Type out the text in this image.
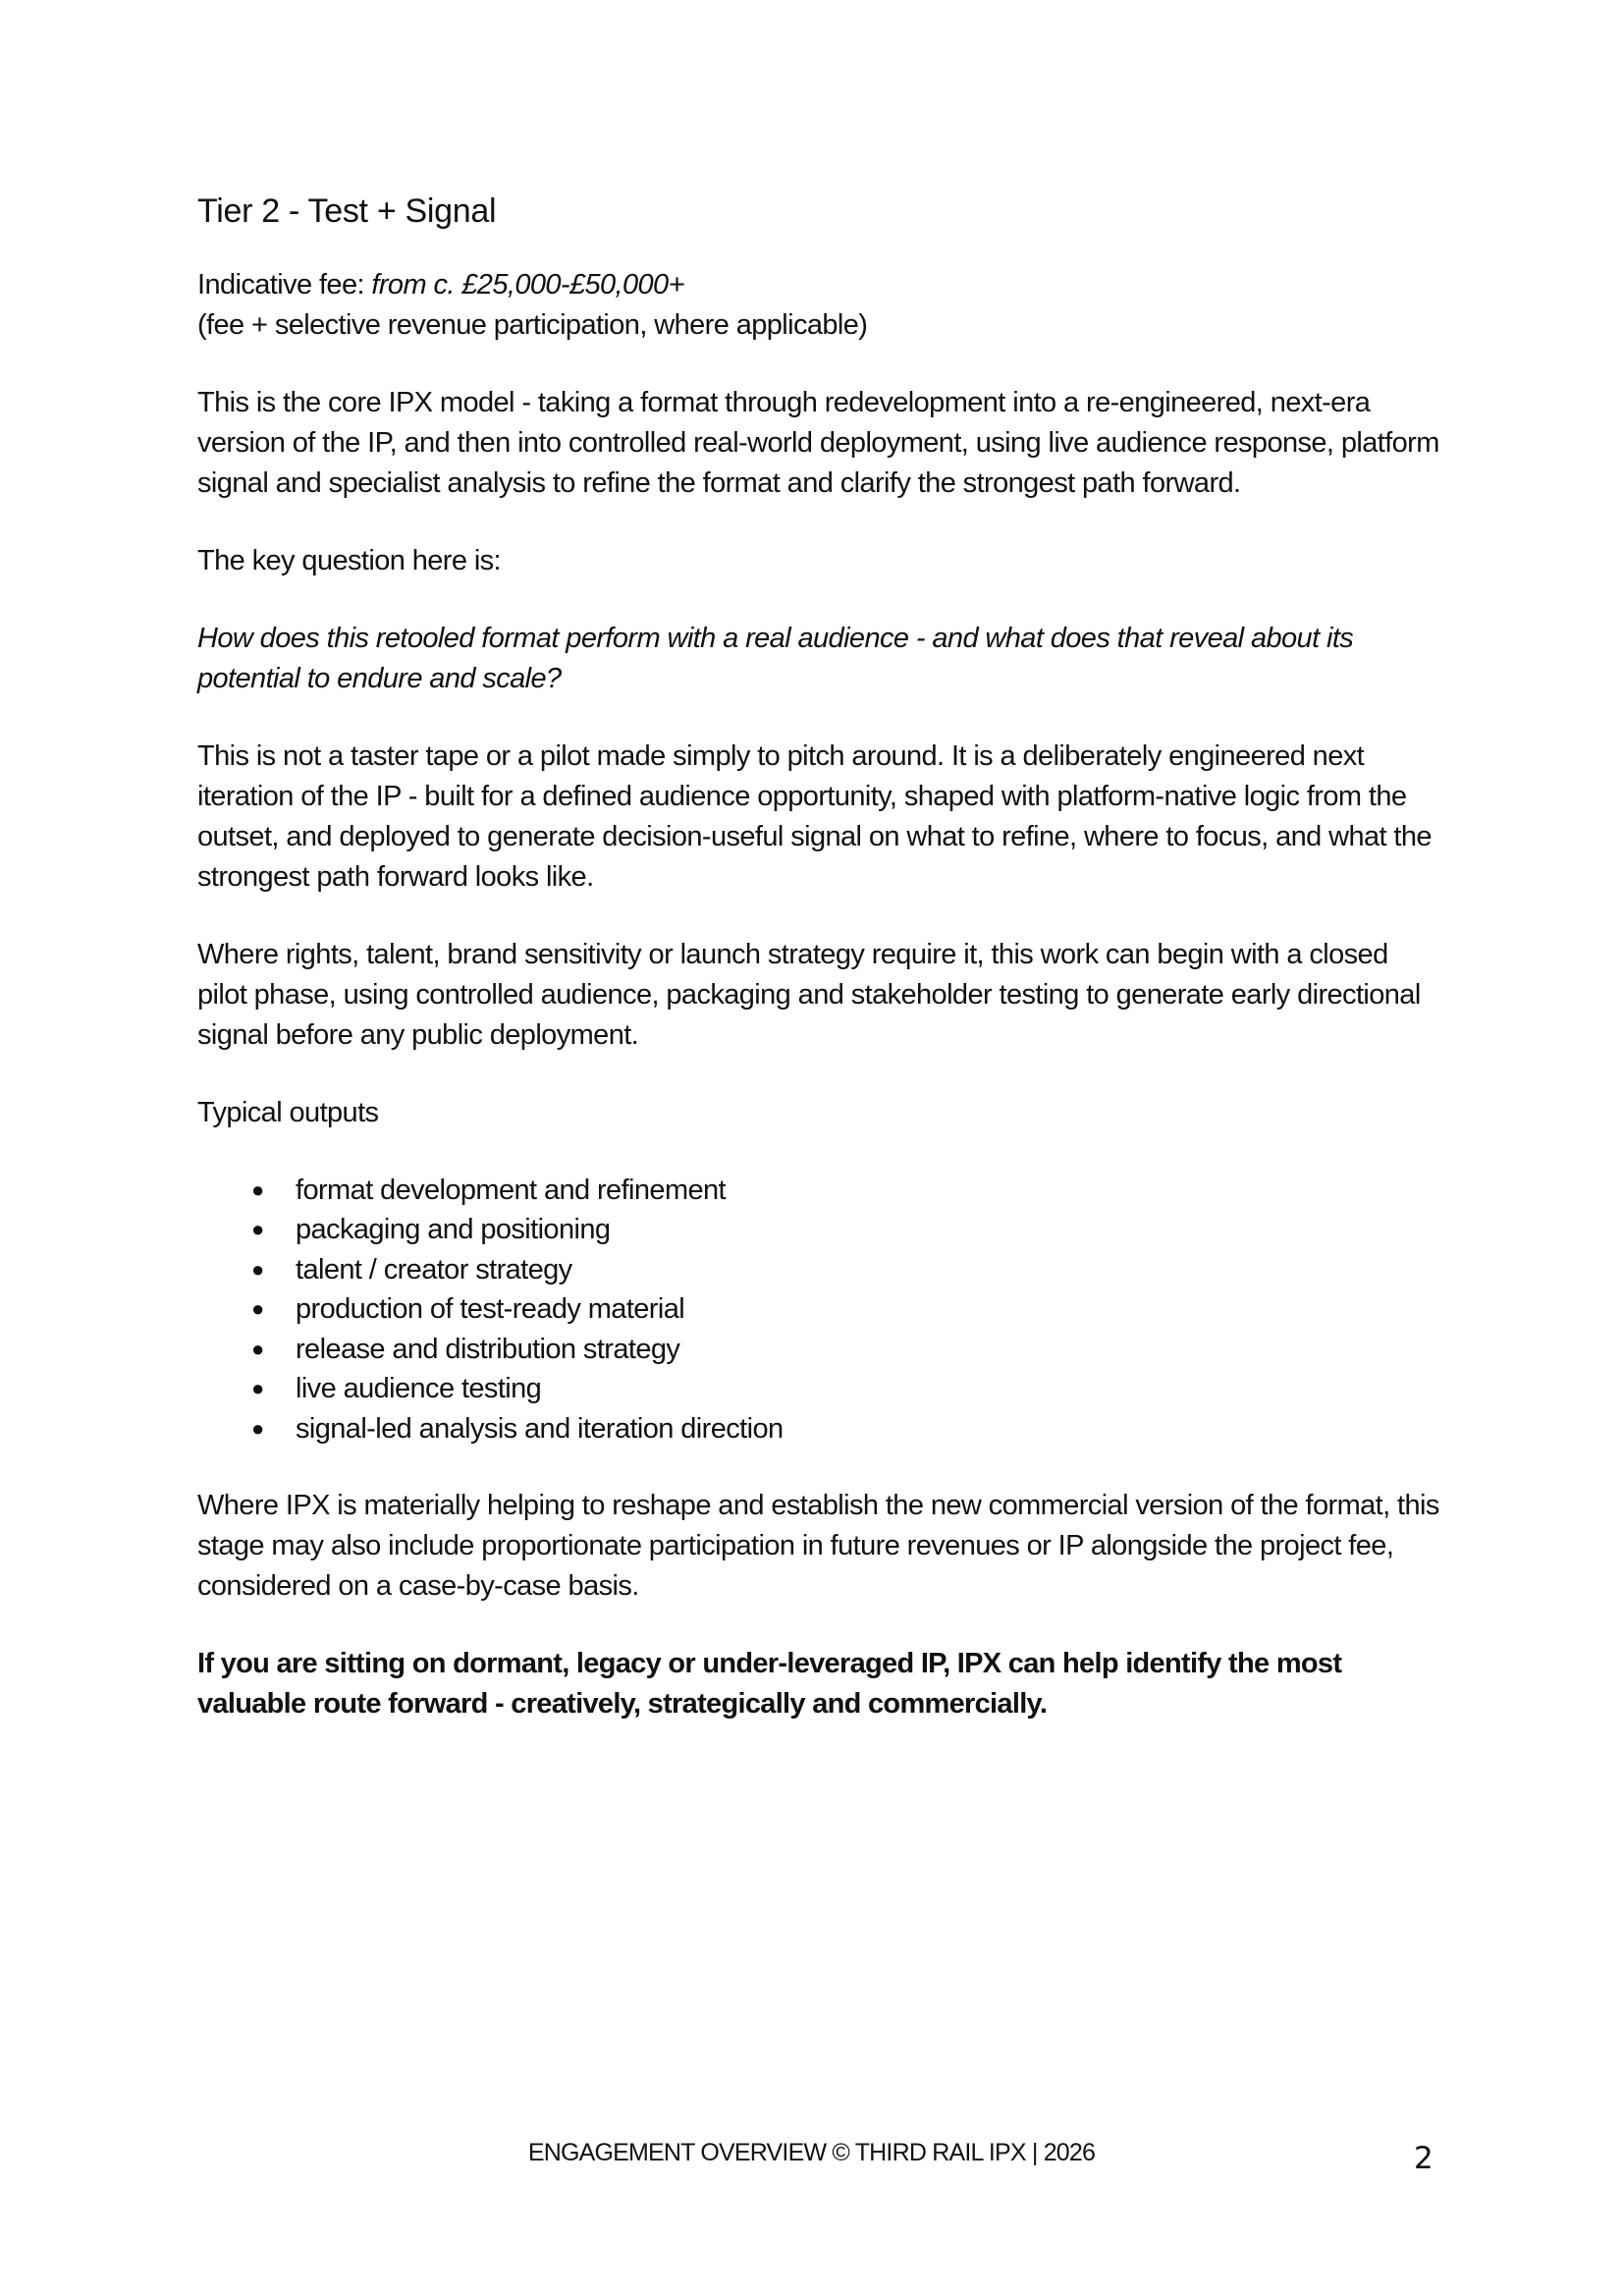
Tier 2 - Test + Signal
Indicative fee: from c. £25,000-£50,000+
(fee + selective revenue participation, where applicable)

This is the core IPX model - taking a format through redevelopment into a re-engineered, next-era version of the IP, and then into controlled real-world deployment, using live audience response, platform signal and specialist analysis to refine the format and clarify the strongest path forward.

The key question here is:

How does this retooled format perform with a real audience - and what does that reveal about its potential to endure and scale?

This is not a taster tape or a pilot made simply to pitch around. It is a deliberately engineered next iteration of the IP - built for a defined audience opportunity, shaped with platform-native logic from the outset, and deployed to generate decision-useful signal on what to refine, where to focus, and what the strongest path forward looks like.

Where rights, talent, brand sensitivity or launch strategy require it, this work can begin with a closed pilot phase, using controlled audience, packaging and stakeholder testing to generate early directional signal before any public deployment.

Typical outputs
● format development and refinement
● packaging and positioning
● talent / creator strategy
● production of test-ready material
● release and distribution strategy
● live audience testing
● signal-led analysis and iteration direction

Where IPX is materially helping to reshape and establish the new commercial version of the format, this stage may also include proportionate participation in future revenues or IP alongside the project fee, considered on a case-by-case basis.

If you are sitting on dormant, legacy or under-leveraged IP, IPX can help identify the most valuable route forward - creatively, strategically and commercially.

ENGAGEMENT OVERVIEW © THIRD RAIL IPX | 2026	2
